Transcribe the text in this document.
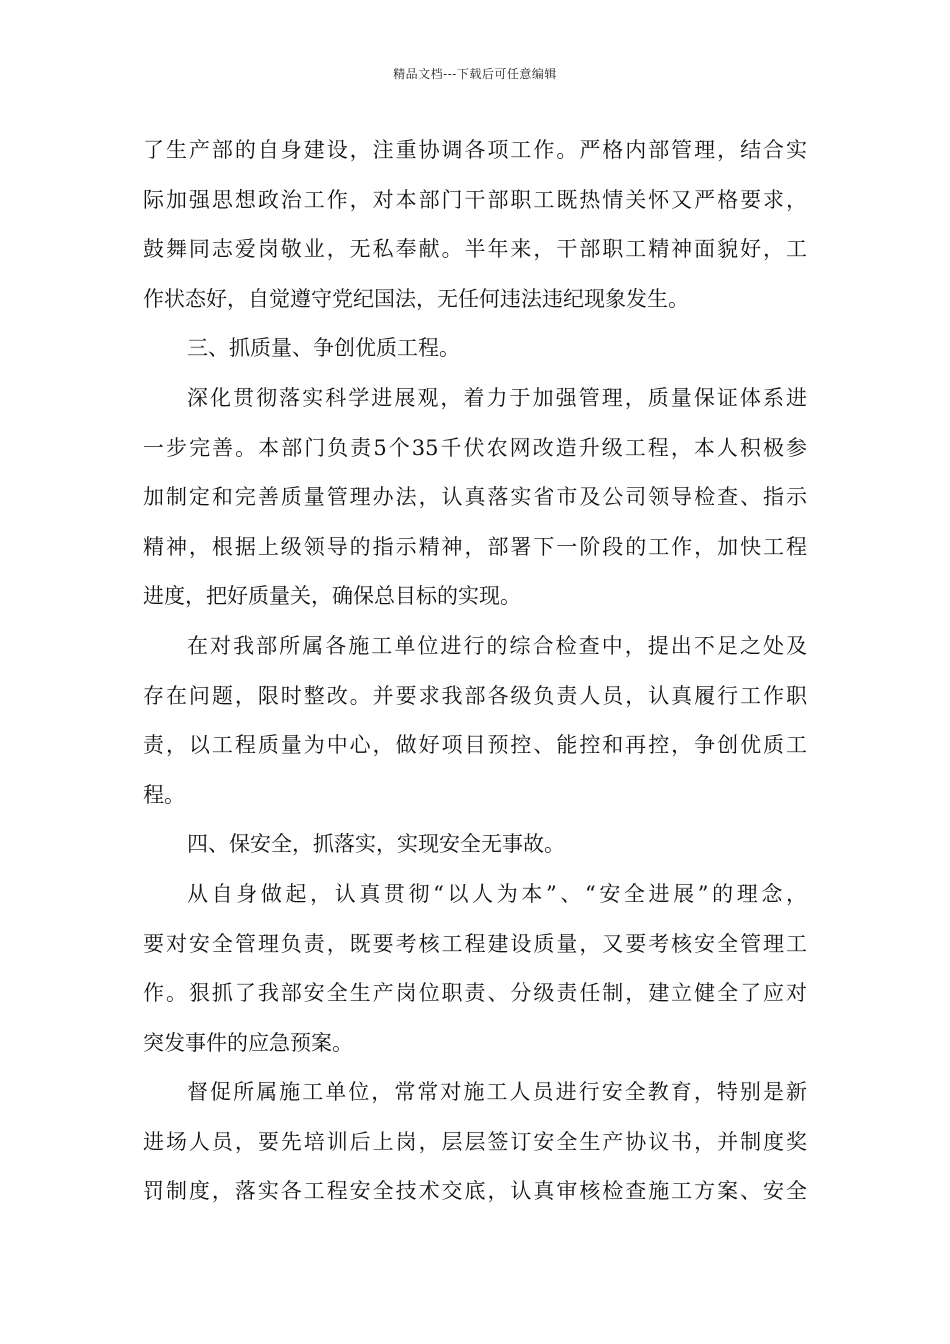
精品文档---下载后可任意编辑
了生产部的自身建设，注重协调各项工作。严格内部管理，结合实
际加强思想政治工作，对本部门干部职工既热情关怀又严格要求，
鼓舞同志爱岗敬业，无私奉献。半年来，干部职工精神面貌好，工
作状态好，自觉遵守党纪国法，无任何违法违纪现象发生。
三、抓质量、争创优质工程。
深化贯彻落实科学进展观，着力于加强管理，质量保证体系进
一步完善。本部门负责5个35千伏农网改造升级工程，本人积极参
加制定和完善质量管理办法，认真落实省市及公司领导检查、指示
精神，根据上级领导的指示精神，部署下一阶段的工作，加快工程
进度，把好质量关，确保总目标的实现。
在对我部所属各施工单位进行的综合检查中，提出不足之处及
存在问题，限时整改。并要求我部各级负责人员，认真履行工作职
责，以工程质量为中心，做好项目预控、能控和再控，争创优质工
程。
四、保安全，抓落实，实现安全无事故。
从自身做起，认真贯彻“以人为本”、“安全进展”的理念，
要对安全管理负责，既要考核工程建设质量，又要考核安全管理工
作。狠抓了我部安全生产岗位职责、分级责任制，建立健全了应对
突发事件的应急预案。
督促所属施工单位，常常对施工人员进行安全教育，特别是新
进场人员，要先培训后上岗，层层签订安全生产协议书，并制度奖
罚制度，落实各工程安全技术交底，认真审核检查施工方案、安全
